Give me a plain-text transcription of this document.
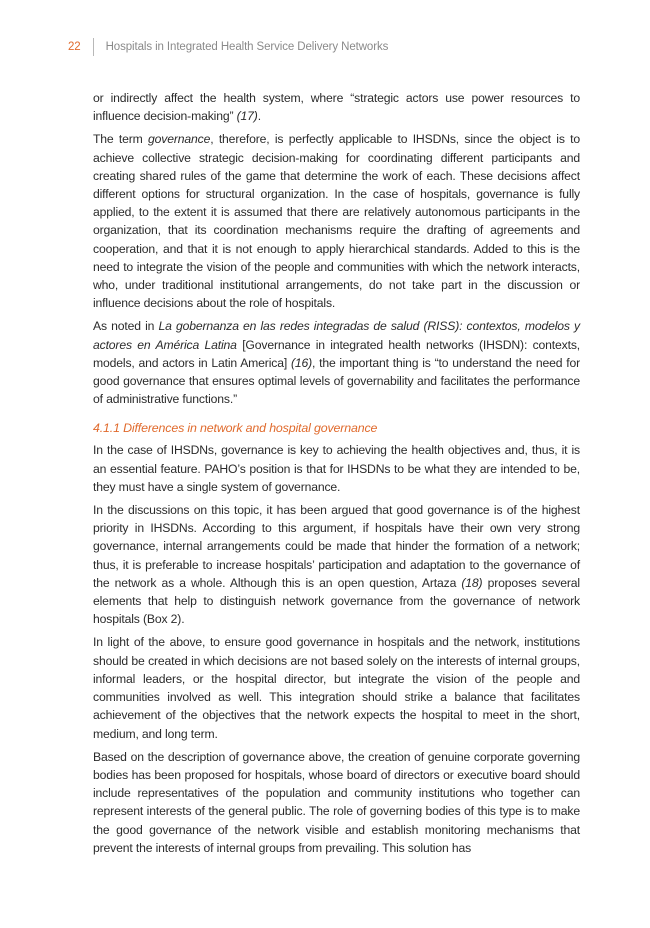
22 Hospitals in Integrated Health Service Delivery Networks

or indirectly affect the health system, where “strategic actors use power resources to influence decision-making” (17).

The term governance, therefore, is perfectly applicable to IHSDNs, since the object is to achieve collective strategic decision-making for coordinating different participants and creating shared rules of the game that determine the work of each. These decisions affect different options for structural organization. In the case of hospitals, governance is fully applied, to the extent it is assumed that there are relatively autonomous participants in the organization, that its coordination mechanisms require the drafting of agreements and cooperation, and that it is not enough to apply hierarchical standards. Added to this is the need to integrate the vision of the people and communities with which the network interacts, who, under traditional institutional arrangements, do not take part in the discussion or influence decisions about the role of hospitals.

As noted in La gobernanza en las redes integradas de salud (RISS): contextos, modelos y actores en América Latina [Governance in integrated health networks (IHSDN): contexts, models, and actors in Latin America] (16), the important thing is “to understand the need for good governance that ensures optimal levels of governability and facilitates the performance of administrative functions.”

4.1.1 Differences in network and hospital governance

In the case of IHSDNs, governance is key to achieving the health objectives and, thus, it is an essential feature. PAHO’s position is that for IHSDNs to be what they are intended to be, they must have a single system of governance.

In the discussions on this topic, it has been argued that good governance is of the highest priority in IHSDNs. According to this argument, if hospitals have their own very strong governance, internal arrangements could be made that hinder the formation of a network; thus, it is preferable to increase hospitals’ participation and adaptation to the governance of the network as a whole. Although this is an open question, Artaza (18) proposes several elements that help to distinguish network governance from the governance of network hospitals (Box 2).

In light of the above, to ensure good governance in hospitals and the network, institutions should be created in which decisions are not based solely on the interests of internal groups, informal leaders, or the hospital director, but integrate the vision of the people and communities involved as well. This integration should strike a balance that facilitates achievement of the objectives that the network expects the hospital to meet in the short, medium, and long term.

Based on the description of governance above, the creation of genuine corporate governing bodies has been proposed for hospitals, whose board of directors or executive board should include representatives of the population and community institutions who together can represent interests of the general public. The role of governing bodies of this type is to make the good governance of the network visible and establish monitoring mechanisms that prevent the interests of internal groups from prevailing. This solution has
